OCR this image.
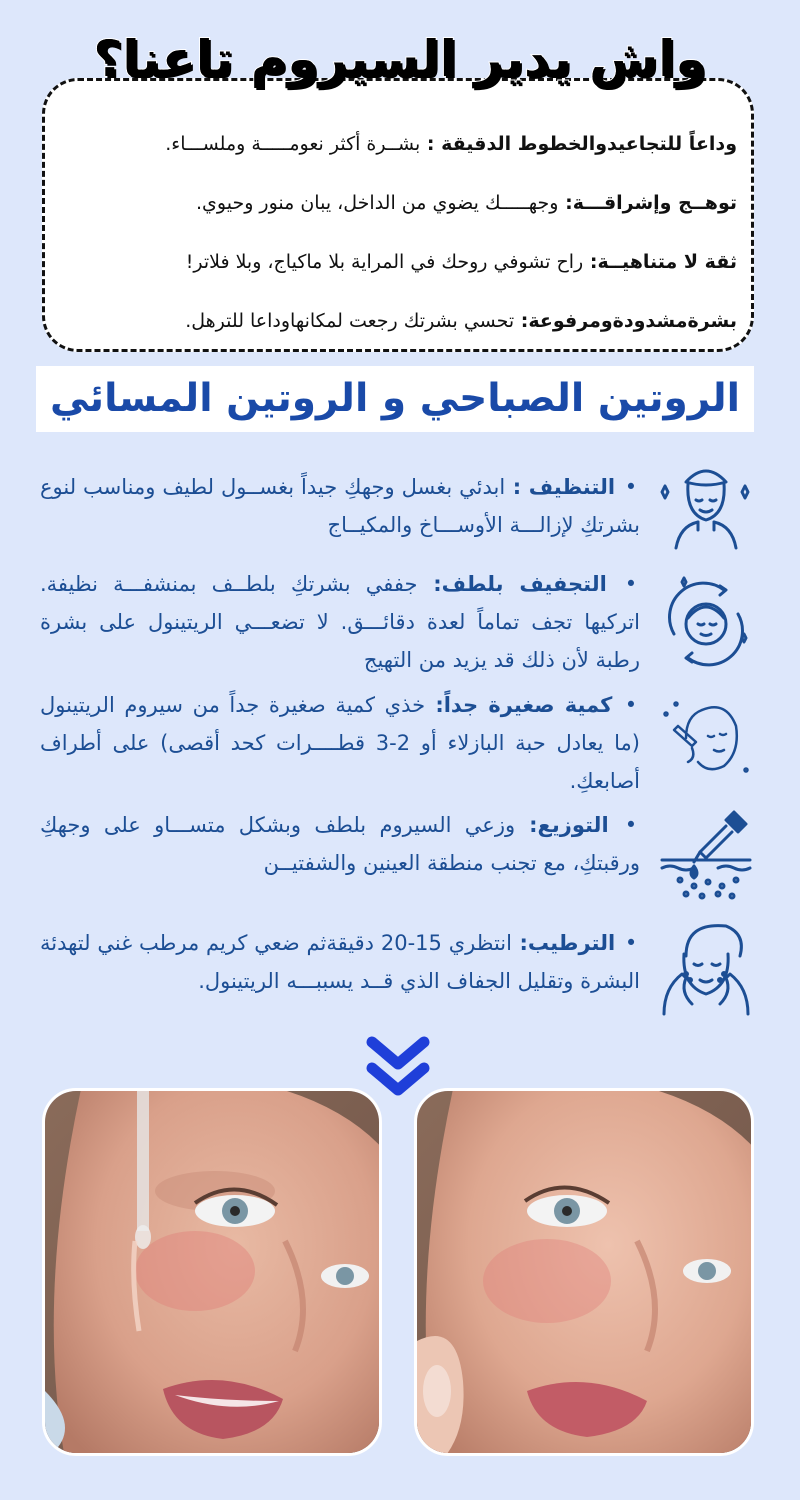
واش يدير السيروم تاعنا؟
وداعاً للتجاعيدوالخطوط الدقيقة : بشــرة أكثر نعومـــــة وملســـاء.
توهــج وإشراقـــة: وجهـــــك يضوي من الداخل، يبان منور وحيوي.
ثقة لا متناهيــة: راح تشوفي روحك في المراية بلا ماكياج، وبلا فلاتر!
بشرةمشدودةومرفوعة: تحسي بشرتك رجعت لمكانهاوداعا للترهل.
الروتين الصباحي و الروتين المسائي
• التنظيف : ابدئي بغسل وجهكِ جيداً بغســول لطيف ومناسب لنوع بشرتكِ لإزالـــة الأوســـاخ والمكيــاج
• التجفيف بلطف: جففي بشرتكِ بلطــف بمنشفـــة نظيفة. اتركيها تجف تماماً لعدة دقائـــق. لا تضعـــي الريتينول على بشرة رطبة لأن ذلك قد يزيد من التهيج
• كمية صغيرة جداً: خذي كمية صغيرة جداً من سيروم الريتينول (ما يعادل حبة البازلاء أو 2-3 قطــــرات كحد أقصى) على أطراف أصابعكِ.
• التوزيع: وزعي السيروم بلطف وبشكل متســـاو على وجهكِ ورقبتكِ، مع تجنب منطقة العينين والشفتيــن
• الترطيب: انتظري 15-20 دقيقةثم ضعي كريم مرطب غني لتهدئة البشرة وتقليل الجفاف الذي قــد يسببـــه الريتينول.
